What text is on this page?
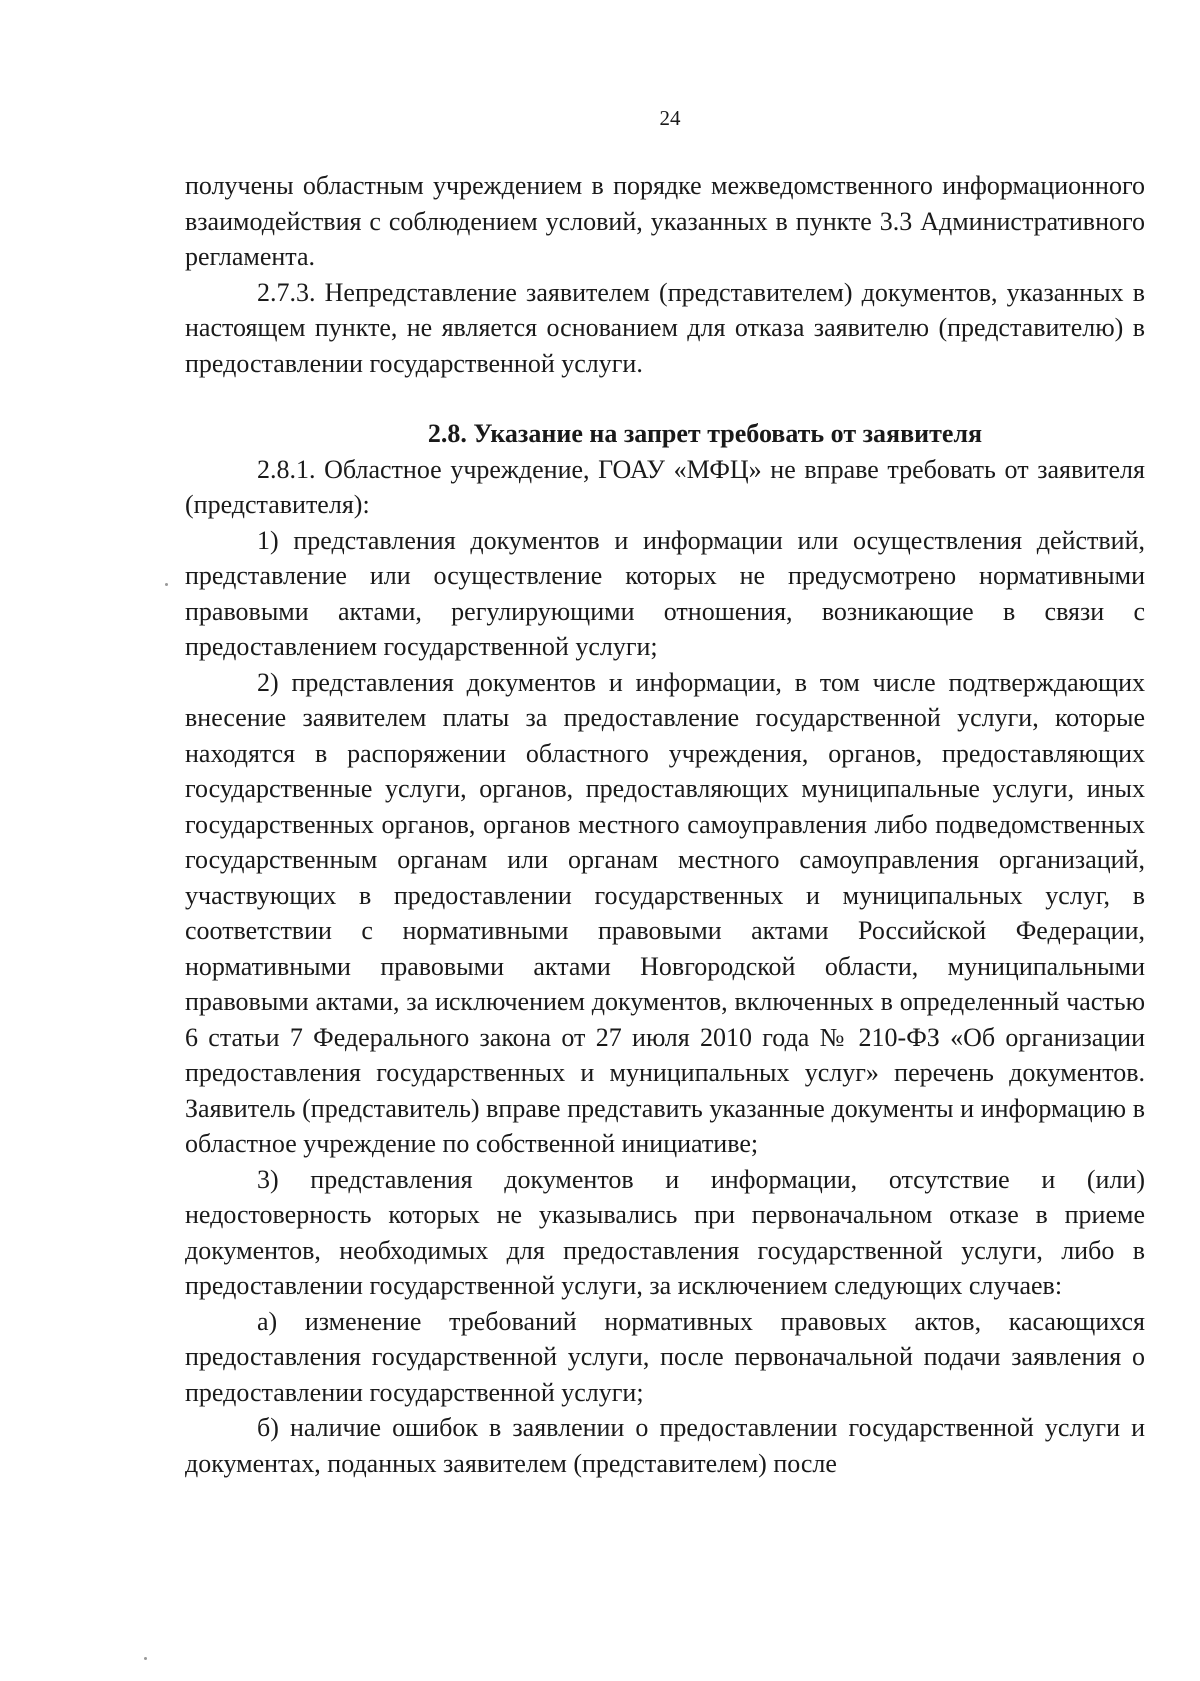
24

получены областным учреждением в порядке межведомственного информационного взаимодействия с соблюдением условий, указанных в пункте 3.3 Административного регламента.

2.7.3. Непредставление заявителем (представителем) документов, указанных в настоящем пункте, не является основанием для отказа заявителю (представителю) в предоставлении государственной услуги.

2.8. Указание на запрет требовать от заявителя

2.8.1. Областное учреждение, ГОАУ «МФЦ» не вправе требовать от заявителя (представителя):

1) представления документов и информации или осуществления действий, представление или осуществление которых не предусмотрено нормативными правовыми актами, регулирующими отношения, возникающие в связи с предоставлением государственной услуги;

2) представления документов и информации, в том числе подтверждающих внесение заявителем платы за предоставление государственной услуги, которые находятся в распоряжении областного учреждения, органов, предоставляющих государственные услуги, органов, предоставляющих муниципальные услуги, иных государственных органов, органов местного самоуправления либо подведомственных государственным органам или органам местного самоуправления организаций, участвующих в предоставлении государственных и муниципальных услуг, в соответствии с нормативными правовыми актами Российской Федерации, нормативными правовыми актами Новгородской области, муниципальными правовыми актами, за исключением документов, включенных в определенный частью 6 статьи 7 Федерального закона от 27 июля 2010 года № 210-ФЗ «Об организации предоставления государственных и муниципальных услуг» перечень документов. Заявитель (представитель) вправе представить указанные документы и информацию в областное учреждение по собственной инициативе;

3) представления документов и информации, отсутствие и (или) недостоверность которых не указывались при первоначальном отказе в приеме документов, необходимых для предоставления государственной услуги, либо в предоставлении государственной услуги, за исключением следующих случаев:

а) изменение требований нормативных правовых актов, касающихся предоставления государственной услуги, после первоначальной подачи заявления о предоставлении государственной услуги;

б) наличие ошибок в заявлении о предоставлении государственной услуги и документах, поданных заявителем (представителем) после
